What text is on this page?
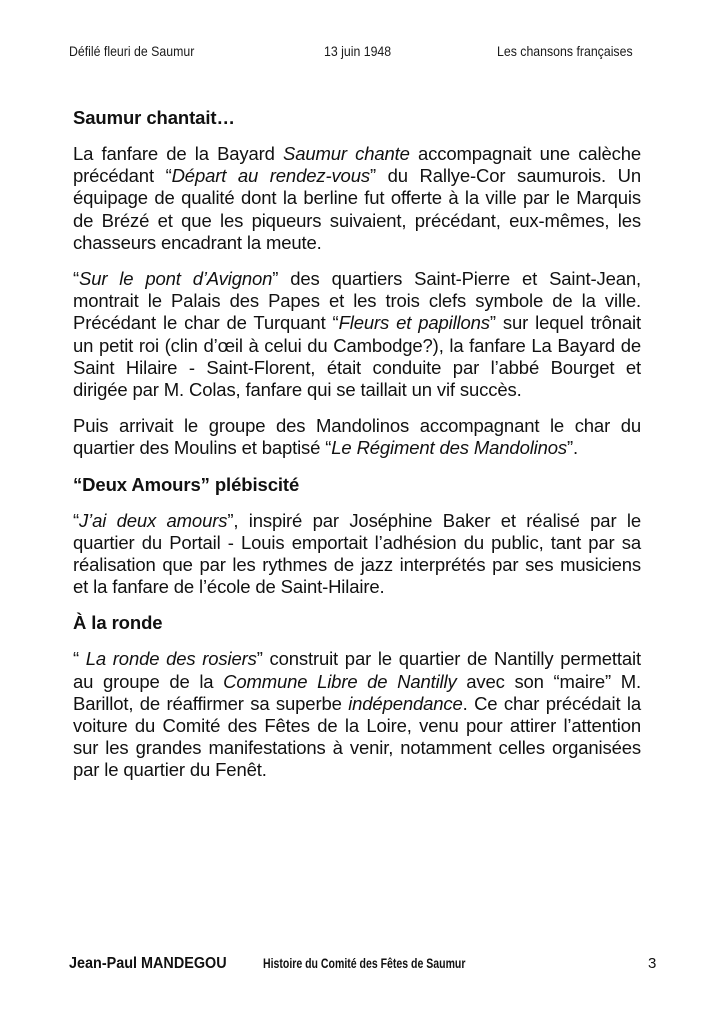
Défilé fleuri de Saumur	13 juin 1948	Les chansons françaises
Saumur chantait…

La fanfare de la Bayard Saumur chante accompagnait une calèche précédant “Départ au rendez-vous” du Rallye-Cor saumurois. Un équipage de qualité dont la berline fut offerte à la ville par le Marquis de Brézé et que les piqueurs suivaient, précédant, eux-mêmes, les chasseurs encadrant la meute.

“Sur le pont d’Avignon” des quartiers Saint-Pierre et Saint-Jean, montrait le Palais des Papes et les trois clefs symbole de la ville. Précédant le char de Turquant “Fleurs et papillons” sur lequel trônait un petit roi (clin d’œil à celui du Cambodge?), la fanfare La Bayard de Saint Hilaire - Saint-Florent, était conduite par l’abbé Bourget et dirigée par M. Colas, fanfare qui se taillait un vif succès.

Puis arrivait le groupe des Mandolinos accompagnant le char du quartier des Moulins et baptisé “Le Régiment des Mandolinos”.

“Deux Amours” plébiscité

“J’ai deux amours”, inspiré par Joséphine Baker et réalisé par le quartier du Portail - Louis emportait l’adhésion du public, tant par sa réalisation que par les rythmes de jazz interprétés par ses musiciens et la fanfare de l’école de Saint-Hilaire.

À la ronde

“ La ronde des rosiers” construit par le quartier de Nantilly permettait au groupe de la Commune Libre de Nantilly avec son “maire” M. Barillot, de réaffirmer sa superbe indépendance. Ce char précédait la voiture du Comité des Fêtes de la Loire, venu pour attirer l’attention sur les grandes manifestations à venir, notamment celles organisées par le quartier du Fenêt.

Jean-Paul MANDEGOU	Histoire du Comité des Fêtes de Saumur	3
